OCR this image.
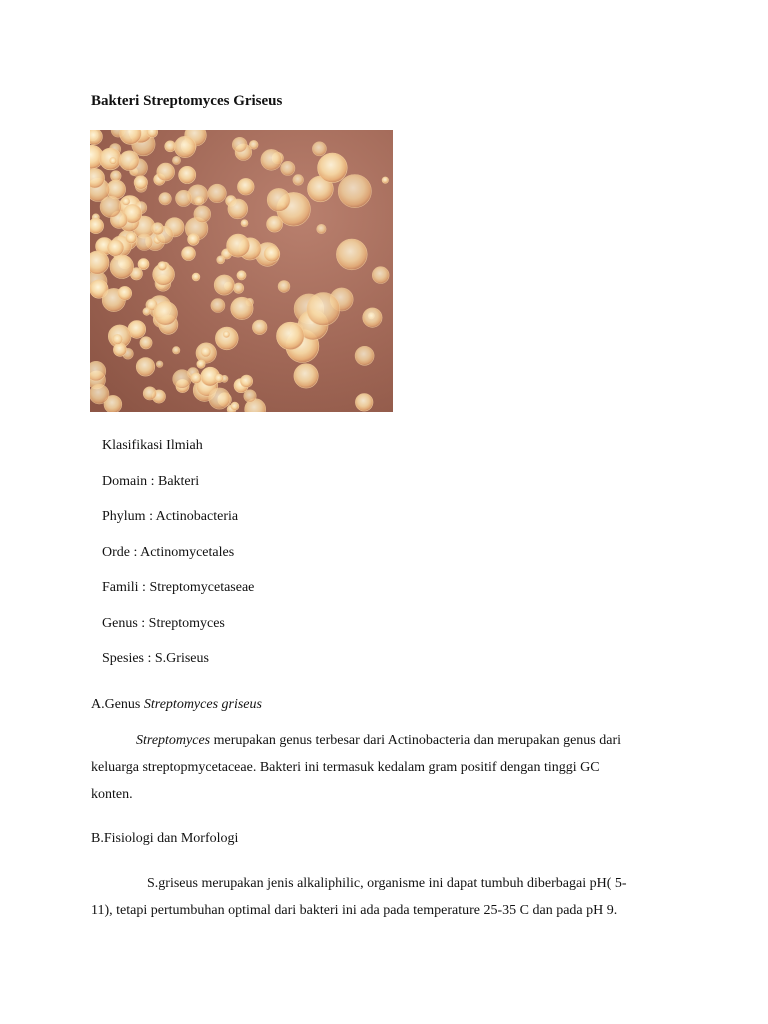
Bakteri Streptomyces Griseus
Klasifikasi Ilmiah
Domain : Bakteri
Phylum : Actinobacteria
Orde : Actinomycetales
Famili : Streptomycetaseae
Genus : Streptomyces
Spesies : S.Griseus
A.Genus Streptomyces griseus
Streptomyces merupakan genus terbesar dari Actinobacteria dan merupakan genus dari
keluarga streptopmycetaceae. Bakteri ini termasuk kedalam gram positif dengan tinggi GC
konten.
B.Fisiologi dan Morfologi
S.griseus merupakan jenis alkaliphilic, organisme ini dapat tumbuh diberbagai pH( 5-
11), tetapi pertumbuhan optimal dari bakteri ini ada pada temperature 25-35 C dan pada pH 9.
